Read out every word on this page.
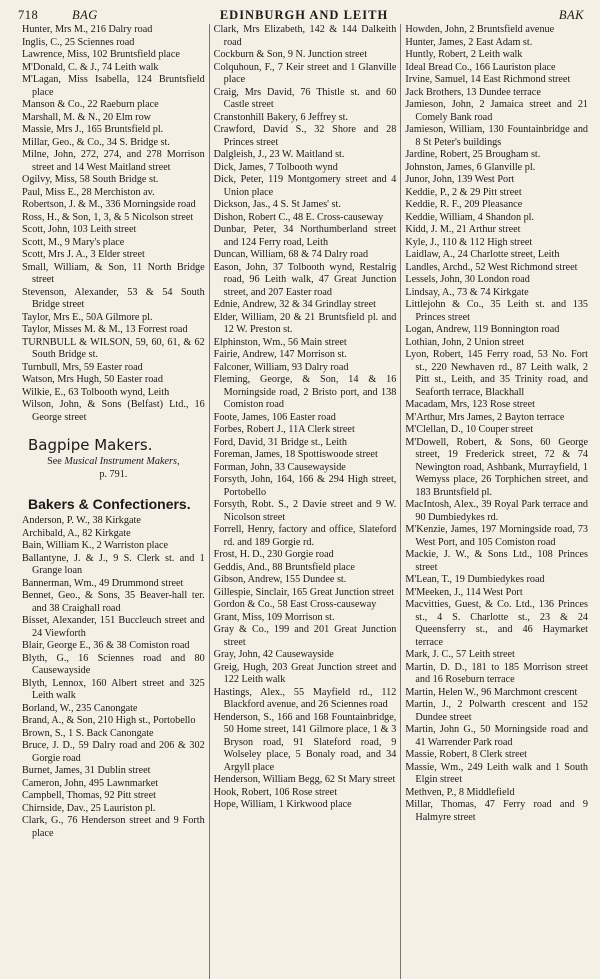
718	BAG	EDINBURGH AND LEITH	BAK
Hunter, Mrs M., 216 Dalry road
Inglis, C., 25 Sciennes road
Lawrence, Miss, 102 Bruntsfield place
M'Donald, C. & J., 74 Leith walk
M'Lagan, Miss Isabella, 124 Bruntsfield place
Manson & Co., 22 Raeburn place
Marshall, M. & N., 20 Elm row
Massie, Mrs J., 165 Bruntsfield pl.
Millar, Geo., & Co., 34 S. Bridge st.
Milne, John, 272, 274, and 278 Morrison street and 14 West Maitland street
Ogilvy, Miss, 58 South Bridge st.
Paul, Miss E., 28 Merchiston av.
Robertson, J. & M., 336 Morningside road
Ross, H., & Son, 1, 3, & 5 Nicolson street
Scott, John, 103 Leith street
Scott, M., 9 Mary's place
Scott, Mrs J. A., 3 Elder street
Small, William, & Son, 11 North Bridge street
Stevenson, Alexander, 53 & 54 South Bridge street
Taylor, Mrs E., 50A Gilmore pl.
Taylor, Misses M. & M., 13 Forrest road
TURNBULL & WILSON, 59, 60, 61, & 62 South Bridge st.
Turnbull, Mrs, 59 Easter road
Watson, Mrs Hugh, 50 Easter road
Wilkie, E., 63 Tolbooth wynd, Leith
Wilson, John, & Sons (Belfast) Ltd., 16 George street
Bagpipe Makers.
See Musical Instrument Makers,
p. 791.
Bakers & Confectioners.
Anderson, P. W., 38 Kirkgate
Archibald, A., 82 Kirkgate
Bain, William K., 2 Warriston place
Ballantyne, J. & J., 9 S. Clerk st. and 1 Grange loan
Bannerman, Wm., 49 Drummond street
Bennet, Geo., & Sons, 35 Beaver-hall ter. and 38 Craighall road
Bisset, Alexander, 151 Buccleuch street and 24 Viewforth
Blair, George E., 36 & 38 Comiston road
Blyth, G., 16 Sciennes road and 80 Causewayside
Blyth, Lennox, 160 Albert street and 325 Leith walk
Borland, W., 235 Canongate
Brand, A., & Son, 210 High st., Portobello
Brown, S., 1 S. Back Canongate
Bruce, J. D., 59 Dalry road and 206 & 302 Gorgie road
Burnet, James, 31 Dublin street
Cameron, John, 495 Lawnmarket
Campbell, Thomas, 92 Pitt street
Chirnside, Dav., 25 Lauriston pl.
Clark, G., 76 Henderson street and 9 Forth place
Clark, Mrs Elizabeth, 142 & 144 Dalkeith road
Cockburn & Son, 9 N. Junction street
Colquhoun, F., 7 Keir street and 1 Glanville place
Craig, Mrs David, 76 Thistle st. and 60 Castle street
Cranstonhill Bakery, 6 Jeffrey st.
Crawford, David S., 32 Shore and 28 Princes street
Dalgleish, J., 23 W. Maitland st.
Dick, James, 7 Tolbooth wynd
Dick, Peter, 119 Montgomery street and 4 Union place
Dickson, Jas., 4 S. St James' st.
Dishon, Robert C., 48 E. Cross-causeway
Dunbar, Peter, 34 Northumberland street and 124 Ferry road, Leith
Duncan, William, 68 & 74 Dalry road
Eason, John, 37 Tolbooth wynd, Restalrig road, 96 Leith walk, 47 Great Junction street, and 207 Easter road
Ednie, Andrew, 32 & 34 Grindlay street
Elder, William, 20 & 21 Bruntsfield pl. and 12 W. Preston st.
Elphinston, Wm., 56 Main street
Fairie, Andrew, 147 Morrison st.
Falconer, William, 93 Dalry road
Fleming, George, & Son, 14 & 16 Morningside road, 2 Bristo port, and 138 Comiston road
Foote, James, 106 Easter road
Forbes, Robert J., 11A Clerk street
Ford, David, 31 Bridge st., Leith
Foreman, James, 18 Spottiswoode street
Forman, John, 33 Causewayside
Forsyth, John, 164, 166 & 294 High street, Portobello
Forsyth, Robt. S., 2 Davie street and 9 W. Nicolson street
Forrell, Henry, factory and office, Slateford rd. and 189 Gorgie rd.
Frost, H. D., 230 Gorgie road
Geddis, And., 88 Bruntsfield place
Gibson, Andrew, 155 Dundee st.
Gillespie, Sinclair, 165 Great Junction street
Gordon & Co., 58 East Cross-causeway
Grant, Miss, 109 Morrison st.
Gray & Co., 199 and 201 Great Junction street
Gray, John, 42 Causewayside
Greig, Hugh, 203 Great Junction street and 122 Leith walk
Hastings, Alex., 55 Mayfield rd., 112 Blackford avenue, and 26 Sciennes road
Henderson, S., 166 and 168 Fountainbridge, 50 Home street, 141 Gilmore place, 1 & 3 Bryson road, 91 Slateford road, 9 Wolseley place, 5 Bonaly road, and 34 Argyll place
Henderson, William Begg, 62 St Mary street
Hook, Robert, 106 Rose street
Hope, William, 1 Kirkwood place
Howden, John, 2 Bruntsfield avenue
Hunter, James, 2 East Adam st.
Huntly, Robert, 2 Leith walk
Ideal Bread Co., 166 Lauriston place
Irvine, Samuel, 14 East Richmond street
Jack Brothers, 13 Dundee terrace
Jamieson, John, 2 Jamaica street and 21 Comely Bank road
Jamieson, William, 130 Fountainbridge and 8 St Peter's buildings
Jardine, Robert, 25 Brougham st.
Johnston, James, 6 Glanville pl.
Junor, John, 139 West Port
Keddie, P., 2 & 29 Pitt street
Keddie, R. F., 209 Pleasance
Keddie, William, 4 Shandon pl.
Kidd, J. M., 21 Arthur street
Kyle, J., 110 & 112 High street
Laidlaw, A., 24 Charlotte street, Leith
Landles, Archd., 52 West Richmond street
Lessels, John, 30 London road
Lindsay, A., 73 & 74 Kirkgate
Littlejohn & Co., 35 Leith st. and 135 Princes street
Logan, Andrew, 119 Bonnington road
Lothian, John, 2 Union street
Lyon, Robert, 145 Ferry road, 53 No. Fort st., 220 Newhaven rd., 87 Leith walk, 2 Pitt st., Leith, and 35 Trinity road, and Seaforth terrace, Blackhall
Macadam, Mrs, 123 Rose street
M'Arthur, Mrs James, 2 Bayton terrace
M'Clellan, D., 10 Couper street
M'Dowell, Robert, & Sons, 60 George street, 19 Frederick street, 72 & 74 Newington road, Ashbank, Murrayfield, 1 Wemyss place, 26 Torphichen street, and 183 Bruntsfield pl.
MacIntosh, Alex., 39 Royal Park terrace and 90 Dumbiedykes rd.
M'Kenzie, James, 197 Morningside road, 73 West Port, and 105 Comiston road
Mackie, J. W., & Sons Ltd., 108 Princes street
M'Lean, T., 19 Dumbiedykes road
M'Meeken, J., 114 West Port
Macvitties, Guest, & Co. Ltd., 136 Princes st., 4 S. Charlotte st., 23 & 24 Queensferry st., and 46 Haymarket terrace
Mark, J. C., 57 Leith street
Martin, D. D., 181 to 185 Morrison street and 16 Roseburn terrace
Martin, Helen W., 96 Marchmont crescent
Martin, J., 2 Polwarth crescent and 152 Dundee street
Martin, John G., 50 Morningside road and 41 Warrender Park road
Massie, Robert, 8 Clerk street
Massie, Wm., 249 Leith walk and 1 South Elgin street
Methven, P., 8 Middlefield
Millar, Thomas, 47 Ferry road and 9 Halmyre street
